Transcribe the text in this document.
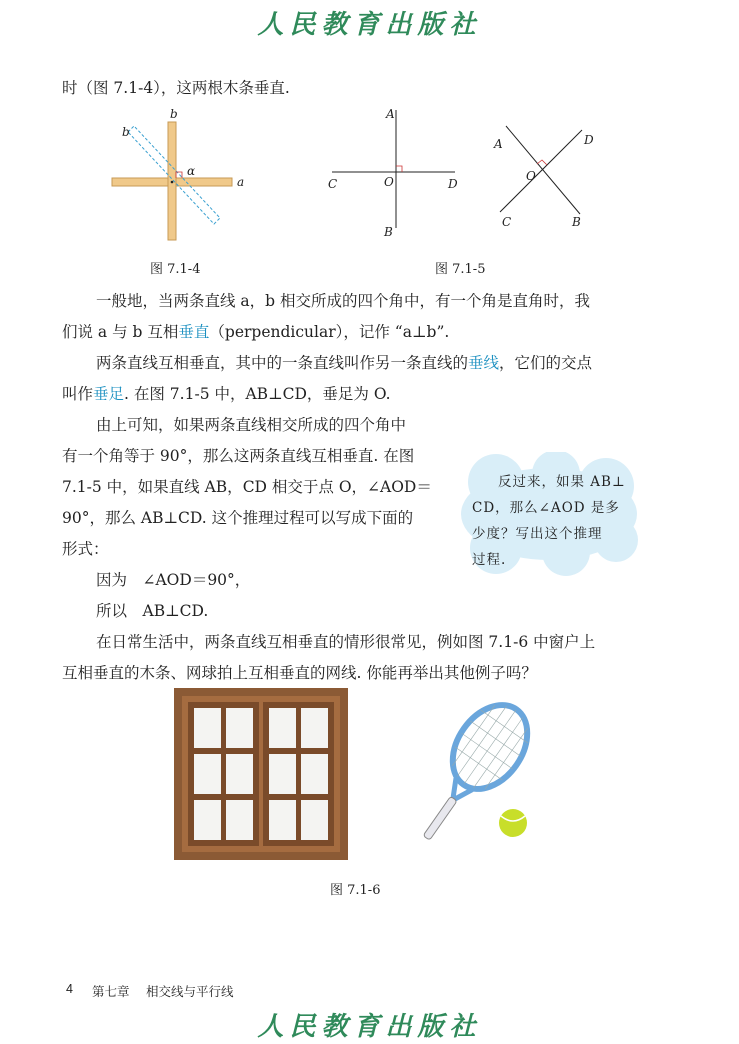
人民教育出版社
时（图 7.1-4），这两根木条垂直.
b
b
α
a
图 7.1-4
A
B
C	D
O
A
B
C
D
O
图 7.1-5
一般地，当两条直线 a，b 相交所成的四个角中，有一个角是直角时，我
们说 a 与 b 互相垂直（perpendicular），记作 “a⊥b”.
两条直线互相垂直，其中的一条直线叫作另一条直线的垂线，它们的交点
叫作垂足. 在图 7.1-5 中，AB⊥CD，垂足为 O.
由上可知，如果两条直线相交所成的四个角中
有一个角等于 90°，那么这两条直线互相垂直. 在图
7.1-5 中，如果直线 AB，CD 相交于点 O，∠AOD＝
90°，那么 AB⊥CD. 这个推理过程可以写成下面的
形式：
因为　∠AOD＝90°，
所以　AB⊥CD.
在日常生活中，两条直线互相垂直的情形很常见，例如图 7.1-6 中窗户上
互相垂直的木条、网球拍上互相垂直的网线. 你能再举出其他例子吗？
反过来，如果 AB⊥
CD，那么∠AOD 是多
少度？写出这个推理
过程.
图 7.1-6
4 第七章 相交线与平行线
人民教育出版社
